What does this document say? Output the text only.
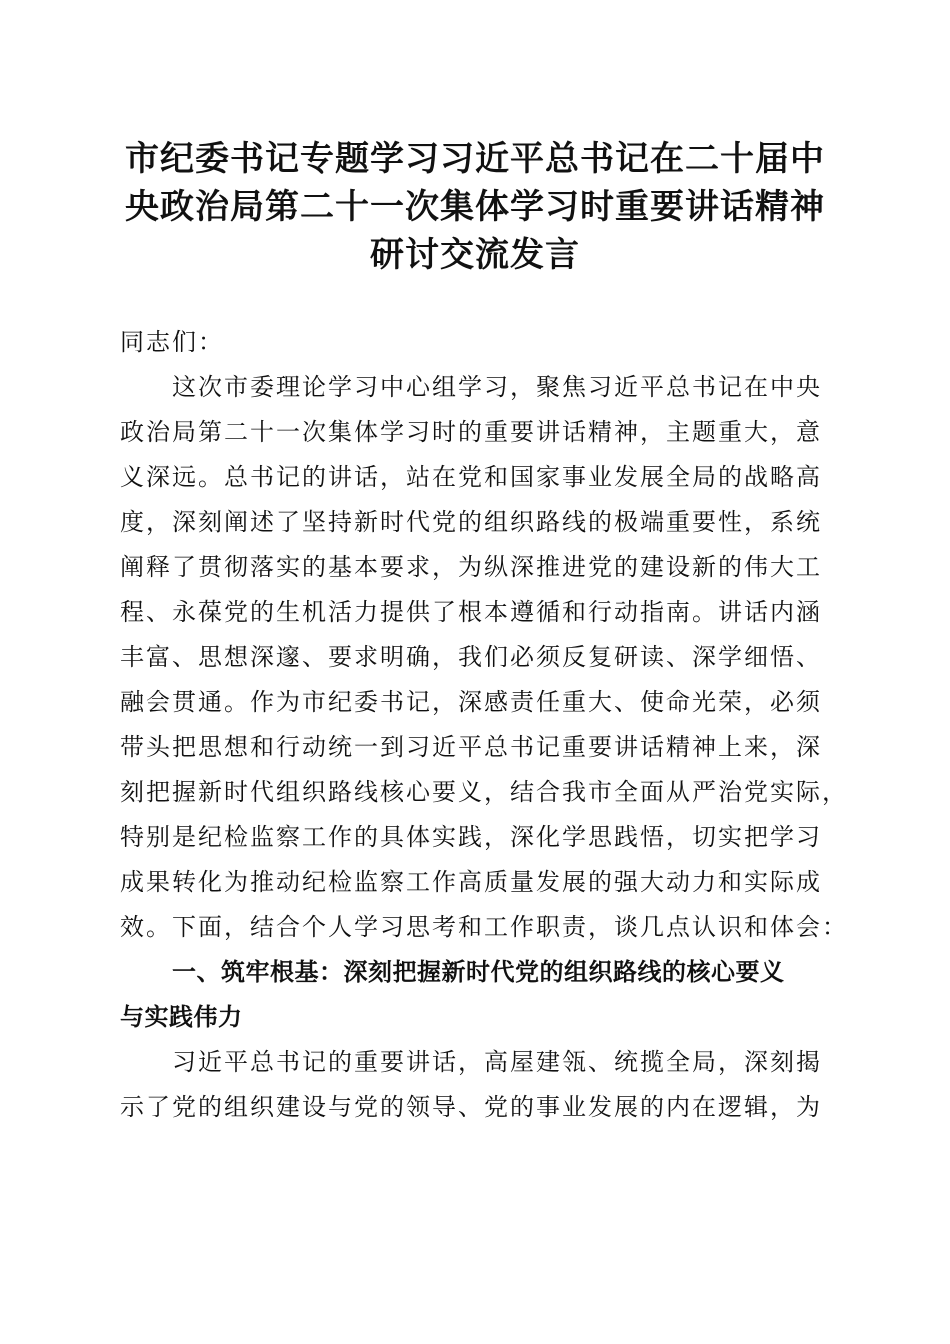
市纪委书记专题学习习近平总书记在二十届中
央政治局第二十一次集体学习时重要讲话精神
研讨交流发言
同志们：
这次市委理论学习中心组学习，聚焦习近平总书记在中央
政治局第二十一次集体学习时的重要讲话精神，主题重大，意
义深远。总书记的讲话，站在党和国家事业发展全局的战略高
度，深刻阐述了坚持新时代党的组织路线的极端重要性，系统
阐释了贯彻落实的基本要求，为纵深推进党的建设新的伟大工
程、永葆党的生机活力提供了根本遵循和行动指南。讲话内涵
丰富、思想深邃、要求明确，我们必须反复研读、深学细悟、
融会贯通。作为市纪委书记，深感责任重大、使命光荣，必须
带头把思想和行动统一到习近平总书记重要讲话精神上来，深
刻把握新时代组织路线核心要义，结合我市全面从严治党实际，
特别是纪检监察工作的具体实践，深化学思践悟，切实把学习
成果转化为推动纪检监察工作高质量发展的强大动力和实际成
效。下面，结合个人学习思考和工作职责，谈几点认识和体会：
一、筑牢根基：深刻把握新时代党的组织路线的核心要义
与实践伟力
习近平总书记的重要讲话，高屋建瓴、统揽全局，深刻揭
示了党的组织建设与党的领导、党的事业发展的内在逻辑，为
